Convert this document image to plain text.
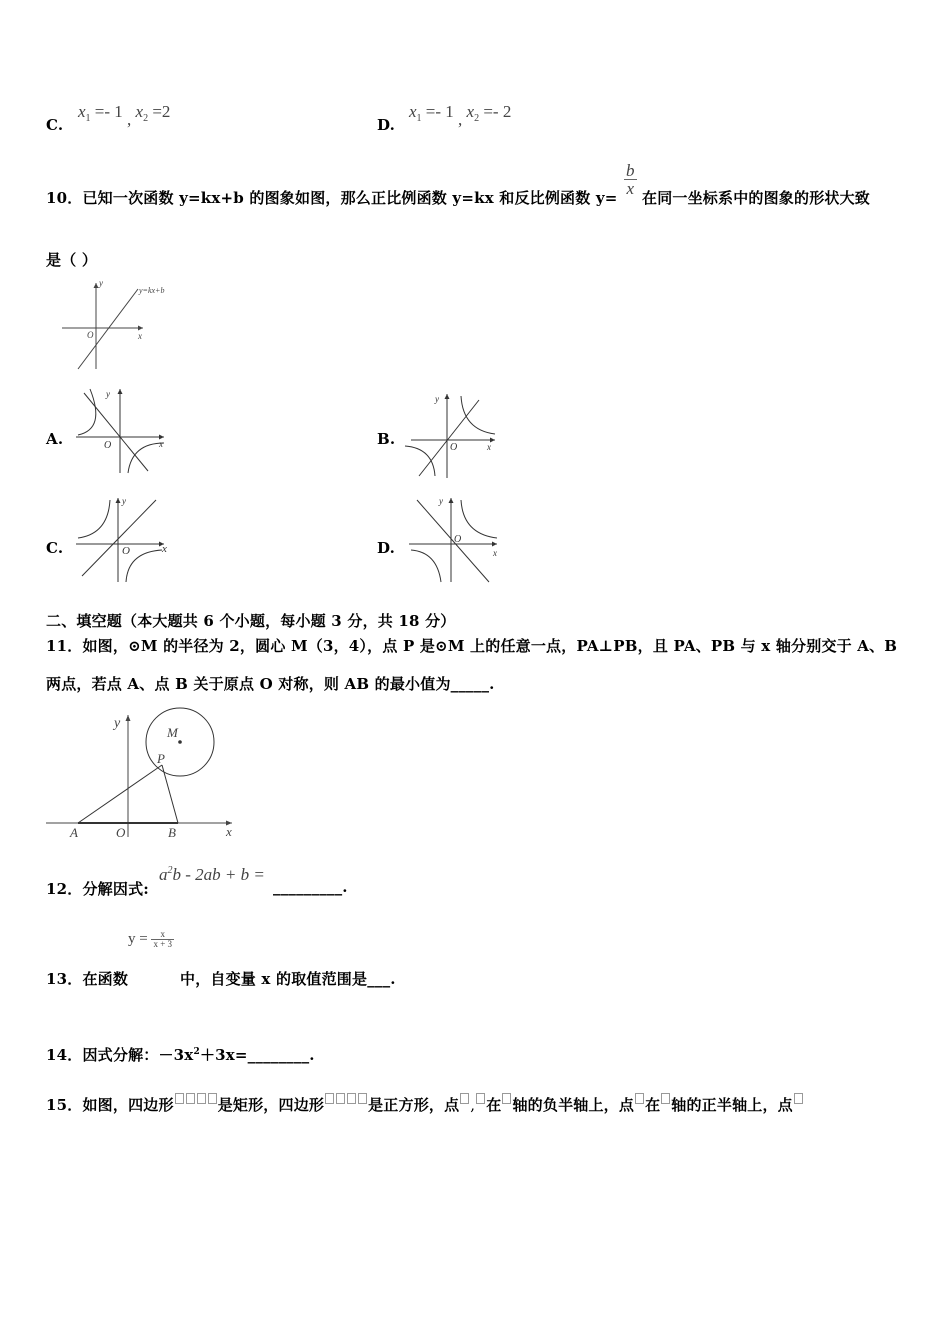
C.
$x_1 =- 1$ , $x_2 =2$
D.
$x_1 =- 1$ , $x_2 =- 2$
10．已知一次函数 y=kx+b 的图象如图，那么正比例函数 y=kx 和反比例函数 y=
$\frac{b}{x}$
在同一坐标系中的图象的形状大致
是（ ）
y=kx+b
y
x
O
A.
y
x
O	B.
y
x
O
C.
y
x
O	D.
y
x
O
二、填空题（本大题共 6 个小题，每小题 3 分，共 18 分）
11．如图，⊙M 的半径为 2，圆心 M（3，4），点 P 是⊙M 上的任意一点，PA⊥PB，且 PA、PB 与 x 轴分别交于 A、B
两点，若点 A、点 B 关于原点 O 对称，则 AB 的最小值为_____.
y
M
P
A	O	B	x
12．分解因式:
$a^2b - 2ab + b$ =
_________.
$y = \frac{x}{x + 3}$
13．在函数	中，自变量 x 的取值范围是___.
14．因式分解：$-3x^2+3x=\_\_\_\_\_\_\_\_$.
15．如图，四边形	是矩形，四边形	是正方形，点 , 在 轴的负半轴上，点 在 轴的正半轴上，点
